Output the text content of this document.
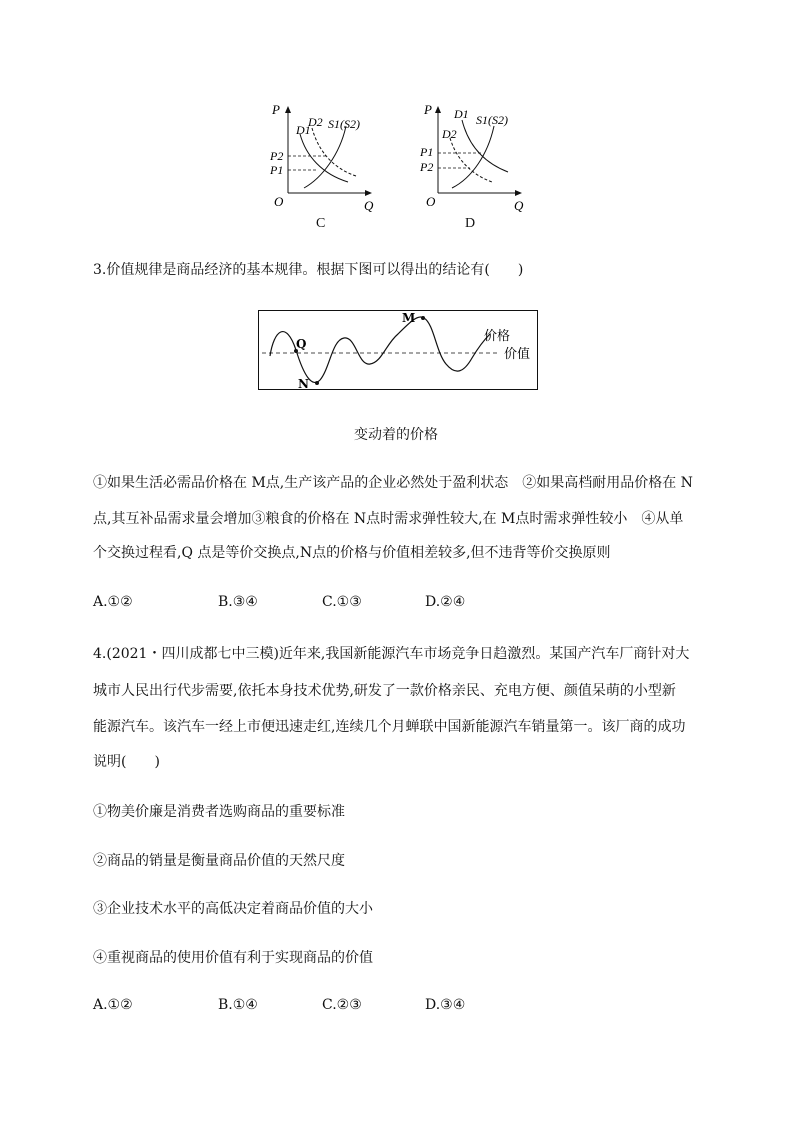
P
Q
O
P2
P1
D1
D2 S1(S2)
C
P
Q
O
P1
P2
D1
D2
S1(S2)
D
3.价值规律是商品经济的基本规律。根据下图可以得出的结论有(　　)
Q
N
M
价格
价值
变动着的价格
①如果生活必需品价格在 M点,生产该产品的企业必然处于盈利状态　②如果高档耐用品价格在 N
点,其互补品需求量会增加③粮食的价格在 N点时需求弹性较大,在 M点时需求弹性较小　④从单
个交换过程看,Q 点是等价交换点,N点的价格与价值相差较多,但不违背等价交换原则
A.①②	B.③④	C.①③	D.②④
4.(2021・四川成都七中三模)近年来,我国新能源汽车市场竞争日趋激烈。某国产汽车厂商针对大
城市人民出行代步需要,依托本身技术优势,研发了一款价格亲民、充电方便、颜值呆萌的小型新
能源汽车。该汽车一经上市便迅速走红,连续几个月蝉联中国新能源汽车销量第一。该厂商的成功
说明(　　)
①物美价廉是消费者选购商品的重要标准
②商品的销量是衡量商品价值的天然尺度
③企业技术水平的高低决定着商品价值的大小
④重视商品的使用价值有利于实现商品的价值
A.①②	B.①④	C.②③	D.③④
